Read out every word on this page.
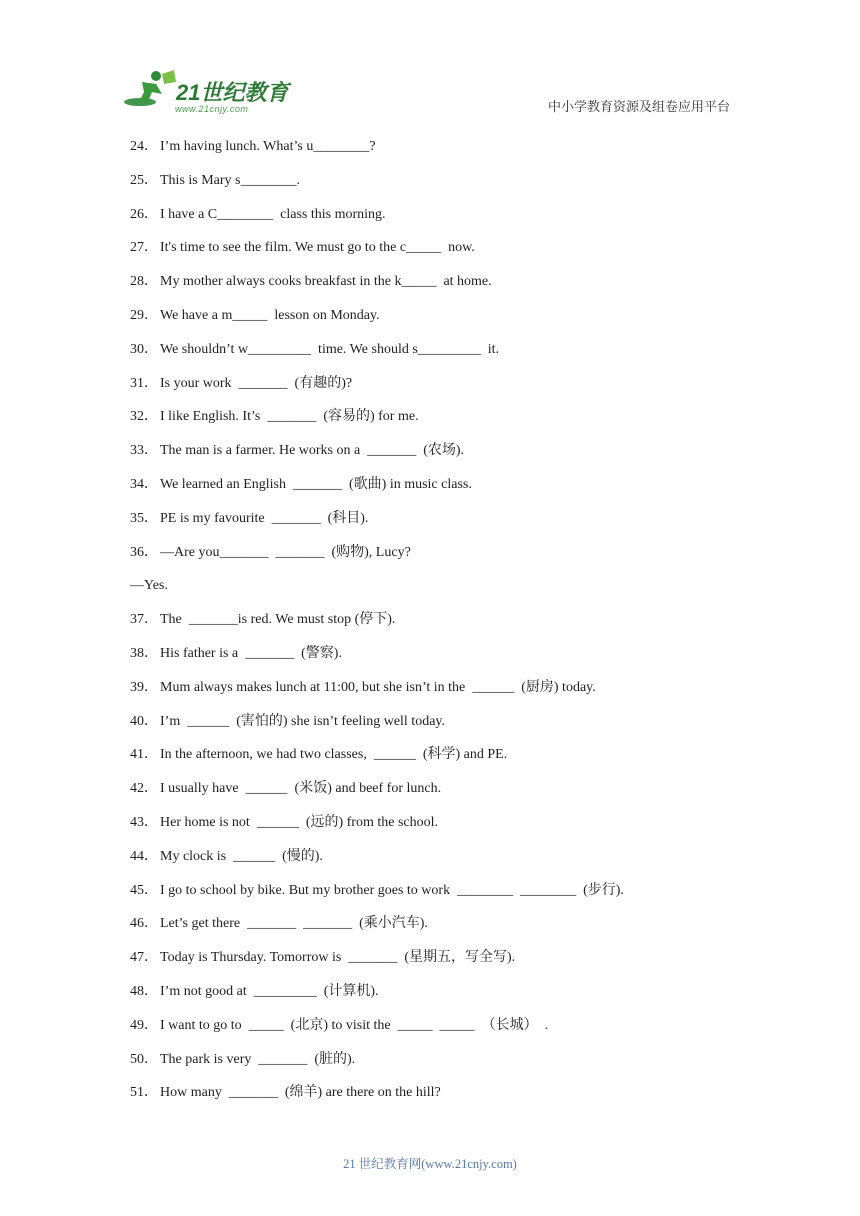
21世纪教育
www.21cnjy.com	中小学教育资源及组卷应用平台
24． I’m having lunch. What’s u________?
25． This is Mary s________.
26． I have a C________  class this morning.
27． It's time to see the film. We must go to the c_____  now.
28． My mother always cooks breakfast in the k_____  at home.
29． We have a m_____  lesson on Monday.
30． We shouldn’t w_________  time. We should s_________  it.
31． Is your work  _______  (有趣的)?
32． I like English. It’s  _______  (容易的) for me.
33． The man is a farmer. He works on a  _______  (农场).
34． We learned an English  _______  (歌曲) in music class.
35． PE is my favourite  _______  (科目).
36． —Are you_______  _______  (购物), Lucy?
—Yes.
37． The  _______is red. We must stop (停下).
38． His father is a  _______  (警察).
39． Mum always makes lunch at 11:00, but she isn’t in the  ______  (厨房) today.
40． I’m  ______  (害怕的) she isn’t feeling well today.
41． In the afternoon, we had two classes,  ______  (科学) and PE.
42． I usually have  ______  (米饭) and beef for lunch.
43． Her home is not  ______  (远的) from the school.
44． My clock is  ______  (慢的).
45． I go to school by bike. But my brother goes to work  ________  ________  (步行).
46． Let’s get there  _______  _______  (乘小汽车).
47． Today is Thursday. Tomorrow is  _______  (星期五，写全写).
48． I’m not good at  _________  (计算机).
49． I want to go to  _____  (北京) to visit the  _____  _____  （长城）  .
50． The park is very  _______  (脏的).
51． How many  _______  (绵羊) are there on the hill?
21 世纪教育网(www.21cnjy.com)
